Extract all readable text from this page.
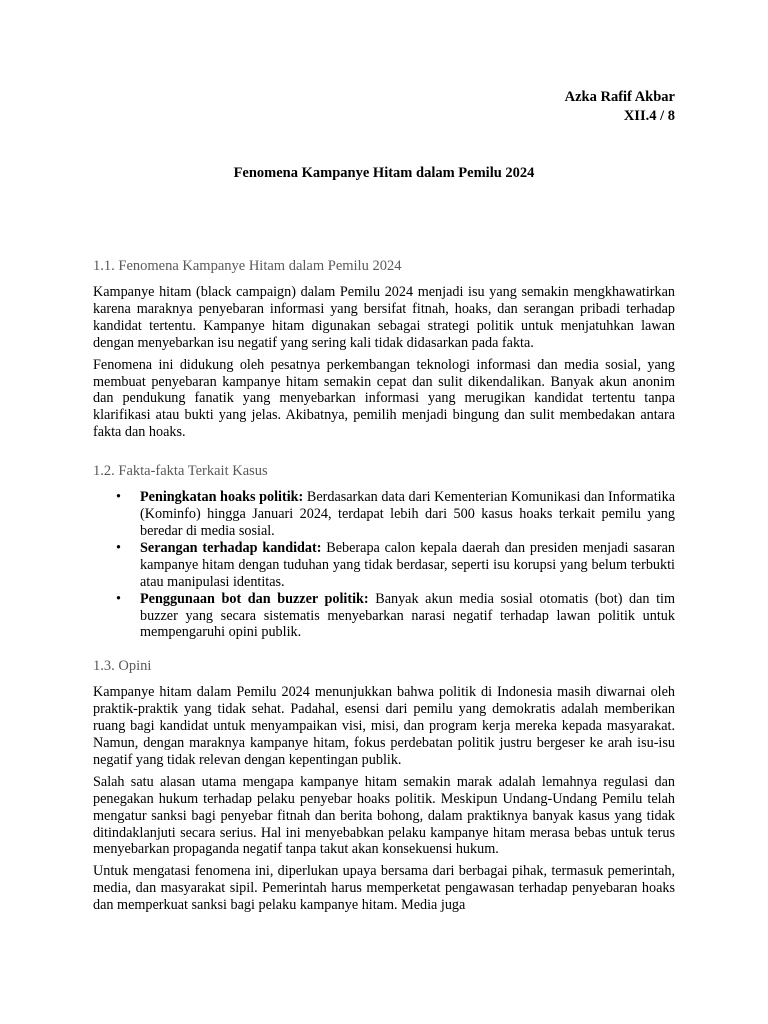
Azka Rafif Akbar
XII.4 / 8
Fenomena Kampanye Hitam dalam Pemilu 2024
1.1. Fenomena Kampanye Hitam dalam Pemilu 2024

Kampanye hitam (black campaign) dalam Pemilu 2024 menjadi isu yang semakin mengkhawatirkan karena maraknya penyebaran informasi yang bersifat fitnah, hoaks, dan serangan pribadi terhadap kandidat tertentu. Kampanye hitam digunakan sebagai strategi politik untuk menjatuhkan lawan dengan menyebarkan isu negatif yang sering kali tidak didasarkan pada fakta.

Fenomena ini didukung oleh pesatnya perkembangan teknologi informasi dan media sosial, yang membuat penyebaran kampanye hitam semakin cepat dan sulit dikendalikan. Banyak akun anonim dan pendukung fanatik yang menyebarkan informasi yang merugikan kandidat tertentu tanpa klarifikasi atau bukti yang jelas. Akibatnya, pemilih menjadi bingung dan sulit membedakan antara fakta dan hoaks.

1.2. Fakta-fakta Terkait Kasus
• Peningkatan hoaks politik: Berdasarkan data dari Kementerian Komunikasi dan Informatika (Kominfo) hingga Januari 2024, terdapat lebih dari 500 kasus hoaks terkait pemilu yang beredar di media sosial.
• Serangan terhadap kandidat: Beberapa calon kepala daerah dan presiden menjadi sasaran kampanye hitam dengan tuduhan yang tidak berdasar, seperti isu korupsi yang belum terbukti atau manipulasi identitas.
• Penggunaan bot dan buzzer politik: Banyak akun media sosial otomatis (bot) dan tim buzzer yang secara sistematis menyebarkan narasi negatif terhadap lawan politik untuk mempengaruhi opini publik.
1.3. Opini

Kampanye hitam dalam Pemilu 2024 menunjukkan bahwa politik di Indonesia masih diwarnai oleh praktik-praktik yang tidak sehat. Padahal, esensi dari pemilu yang demokratis adalah memberikan ruang bagi kandidat untuk menyampaikan visi, misi, dan program kerja mereka kepada masyarakat. Namun, dengan maraknya kampanye hitam, fokus perdebatan politik justru bergeser ke arah isu-isu negatif yang tidak relevan dengan kepentingan publik.

Salah satu alasan utama mengapa kampanye hitam semakin marak adalah lemahnya regulasi dan penegakan hukum terhadap pelaku penyebar hoaks politik. Meskipun Undang-Undang Pemilu telah mengatur sanksi bagi penyebar fitnah dan berita bohong, dalam praktiknya banyak kasus yang tidak ditindaklanjuti secara serius. Hal ini menyebabkan pelaku kampanye hitam merasa bebas untuk terus menyebarkan propaganda negatif tanpa takut akan konsekuensi hukum.

Untuk mengatasi fenomena ini, diperlukan upaya bersama dari berbagai pihak, termasuk pemerintah, media, dan masyarakat sipil. Pemerintah harus memperketat pengawasan terhadap penyebaran hoaks dan memperkuat sanksi bagi pelaku kampanye hitam. Media juga
